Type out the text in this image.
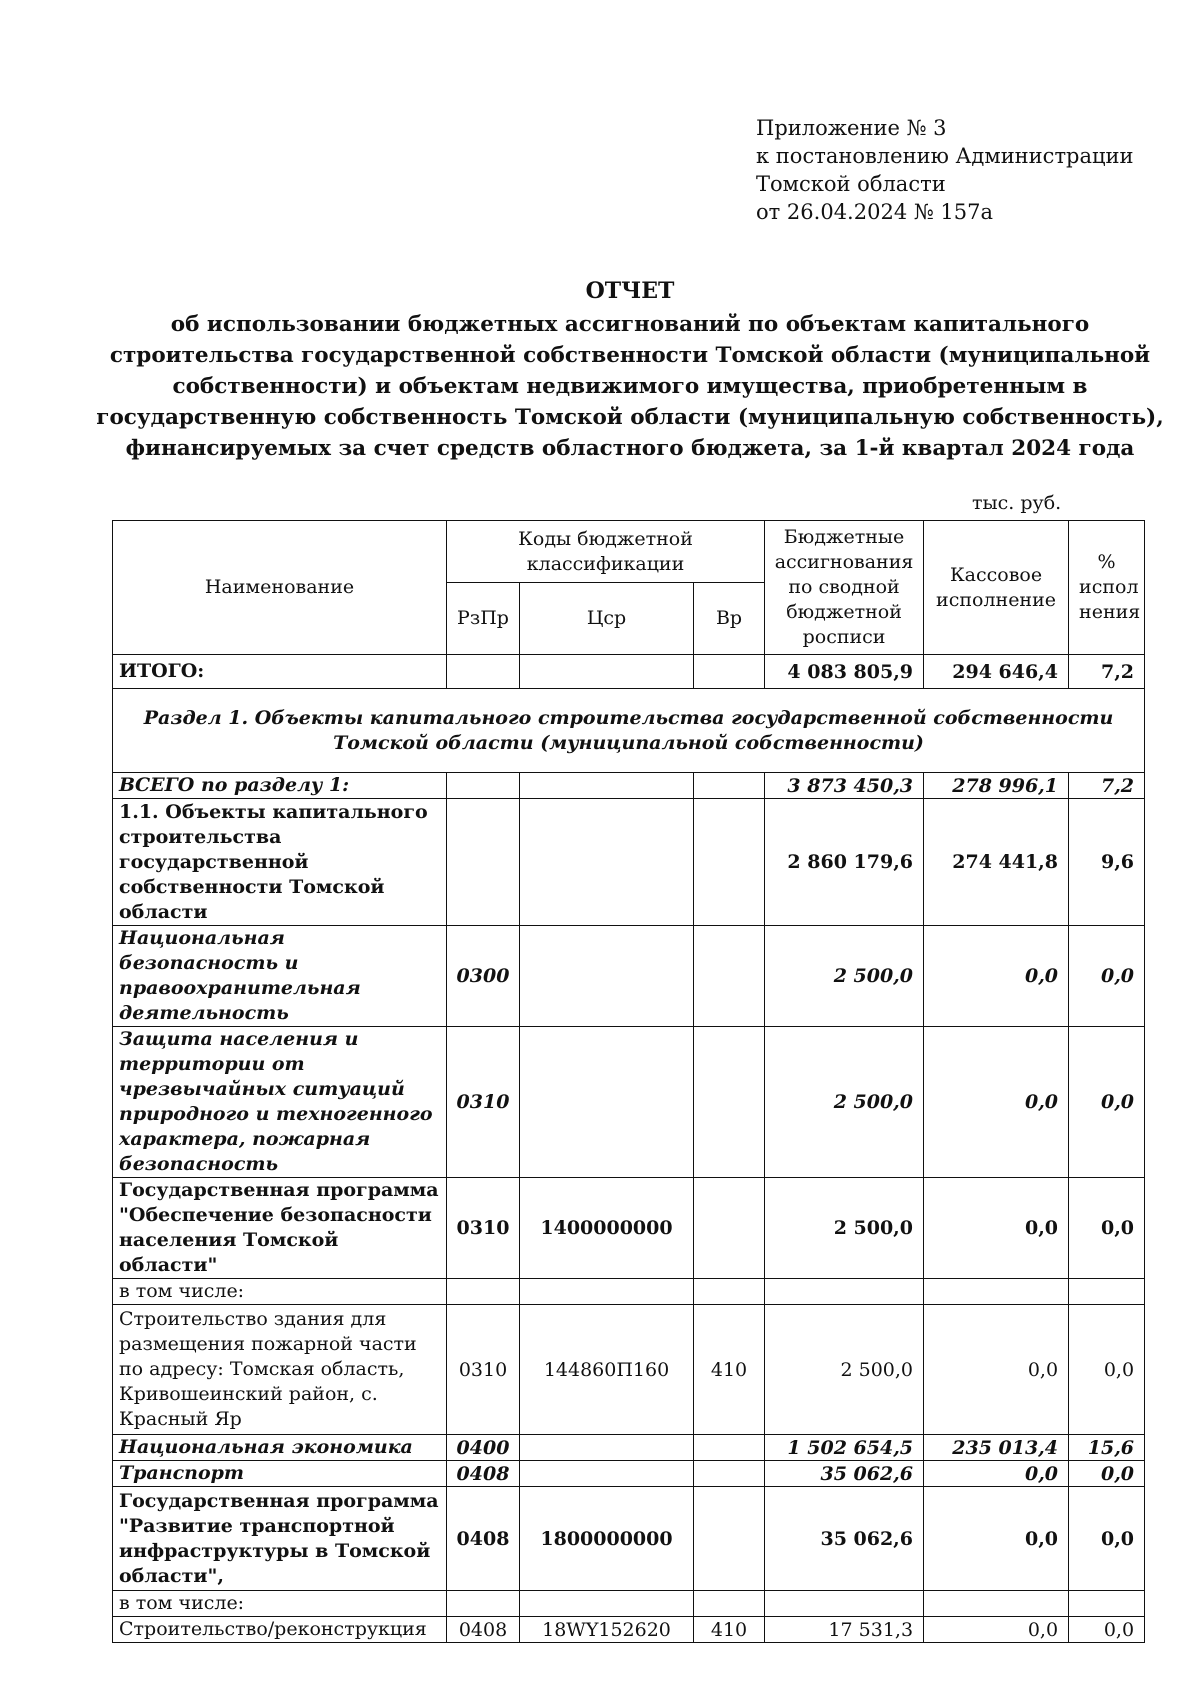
Приложение № 3
к постановлению Администрации
Томской области
от 26.04.2024 № 157а
ОТЧЕТ
об использовании бюджетных ассигнований по объектам капитального
строительства государственной собственности Томской области (муниципальной
собственности) и объектам недвижимого имущества, приобретенным в
государственную собственность Томской области (муниципальную собственность),
финансируемых за счет средств областного бюджета, за 1-й квартал 2024 года
тыс. руб.
Наименование	Коды бюджетной классификации			Бюджетные ассигнования по сводной бюджетной росписи	Кассовое исполнение	% испол нения
	РзПр	Цср	Вр			
ИТОГО:				4 083 805,9	294 646,4	7,2
Раздел 1. Объекты капитального строительства государственной собственности Томской области (муниципальной собственности)						
ВСЕГО по разделу 1:				3 873 450,3	278 996,1	7,2
1.1. Объекты капитального строительства государственной собственности Томской области				2 860 179,6	274 441,8	9,6
Национальная безопасность и правоохранительная деятельность	0300			2 500,0	0,0	0,0
Защита населения и территории от чрезвычайных ситуаций природного и техногенного характера, пожарная безопасность	0310			2 500,0	0,0	0,0
Государственная программа "Обеспечение безопасности населения Томской области"	0310	1400000000		2 500,0	0,0	0,0
в том числе:						
Строительство здания для размещения пожарной части по адресу: Томская область, Кривошеинский район, с. Красный Яр	0310	144860П160	410	2 500,0	0,0	0,0
Национальная экономика	0400			1 502 654,5	235 013,4	15,6
Транспорт	0408			35 062,6	0,0	0,0
Государственная программа "Развитие транспортной инфраструктуры в Томской области",	0408	1800000000		35 062,6	0,0	0,0
в том числе:						
Строительство/реконструкция	0408	18WY152620	410	17 531,3	0,0	0,0
